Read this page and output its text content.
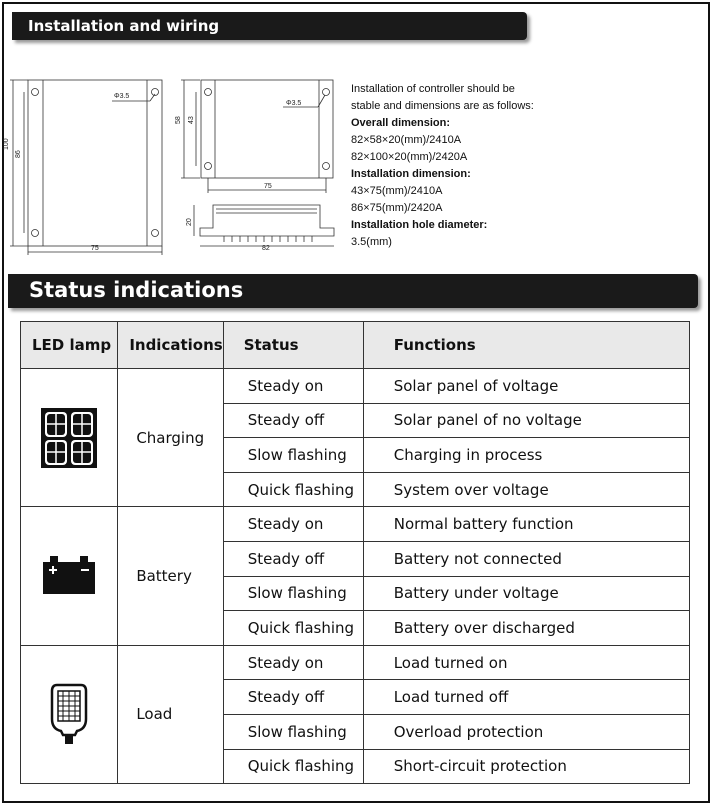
Installation and wiring
Φ3.5
100
86
75
Φ3.5
58 43
75
20
82
Installation of controller should be
stable and dimensions are as follows:
Overall dimension:
82×58×20(mm)/2410A
82×100×20(mm)/2420A
Installation dimension:
43×75(mm)/2410A
86×75(mm)/2420A
Installation hole diameter:
3.5(mm)
Status indications
LED lamp	Indications	Status	Functions
	Charging	Steady on	Solar panel of voltage
		Steady off	Solar panel of no voltage
		Slow flashing	Charging in process
		Quick flashing	System over voltage
	Battery	Steady on	Normal battery function
		Steady off	Battery not connected
		Slow flashing	Battery under voltage
		Quick flashing	Battery over discharged
	Load	Steady on	Load turned on
		Steady off	Load turned off
		Slow flashing	Overload protection
		Quick flashing	Short-circuit protection
